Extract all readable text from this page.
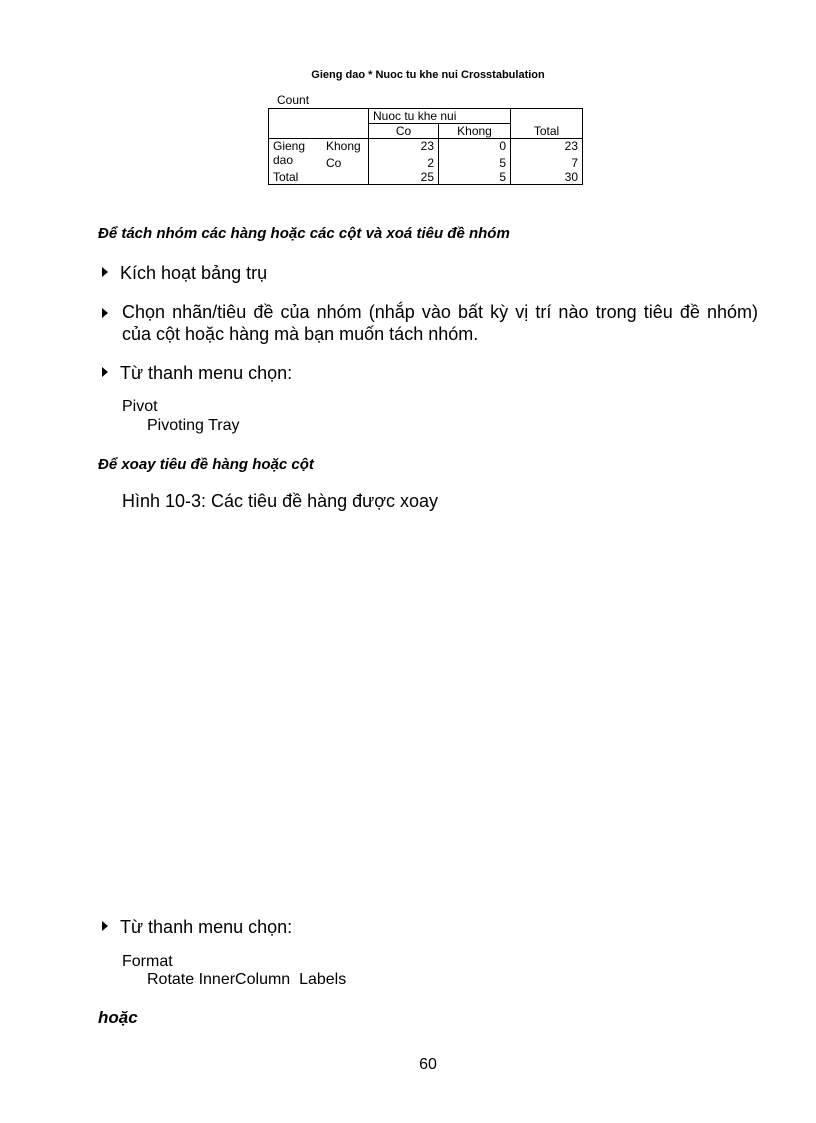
Gieng dao * Nuoc tu khe nui Crosstabulation
Count
		Nuoc tu khe nui		
		Co	Khong	Total
Gieng	Khong	23	0	23
dao	Co	2	5	7
Total		25	5	30
Để tách nhóm các hàng hoặc các cột và xoá tiêu đề nhóm
Kích hoạt bảng trụ
Chọn nhãn/tiêu đề của nhóm (nhắp vào bất kỳ vị trí nào trong tiêu đề nhóm) của cột hoặc hàng mà bạn muốn tách nhóm.
Từ thanh menu chọn:
Pivot
Pivoting Tray
Để xoay tiêu đề hàng hoặc cột
Hình 10-3: Các tiêu đề hàng được xoay
Từ thanh menu chọn:
Format
Rotate InnerColumn  Labels
hoặc
60
